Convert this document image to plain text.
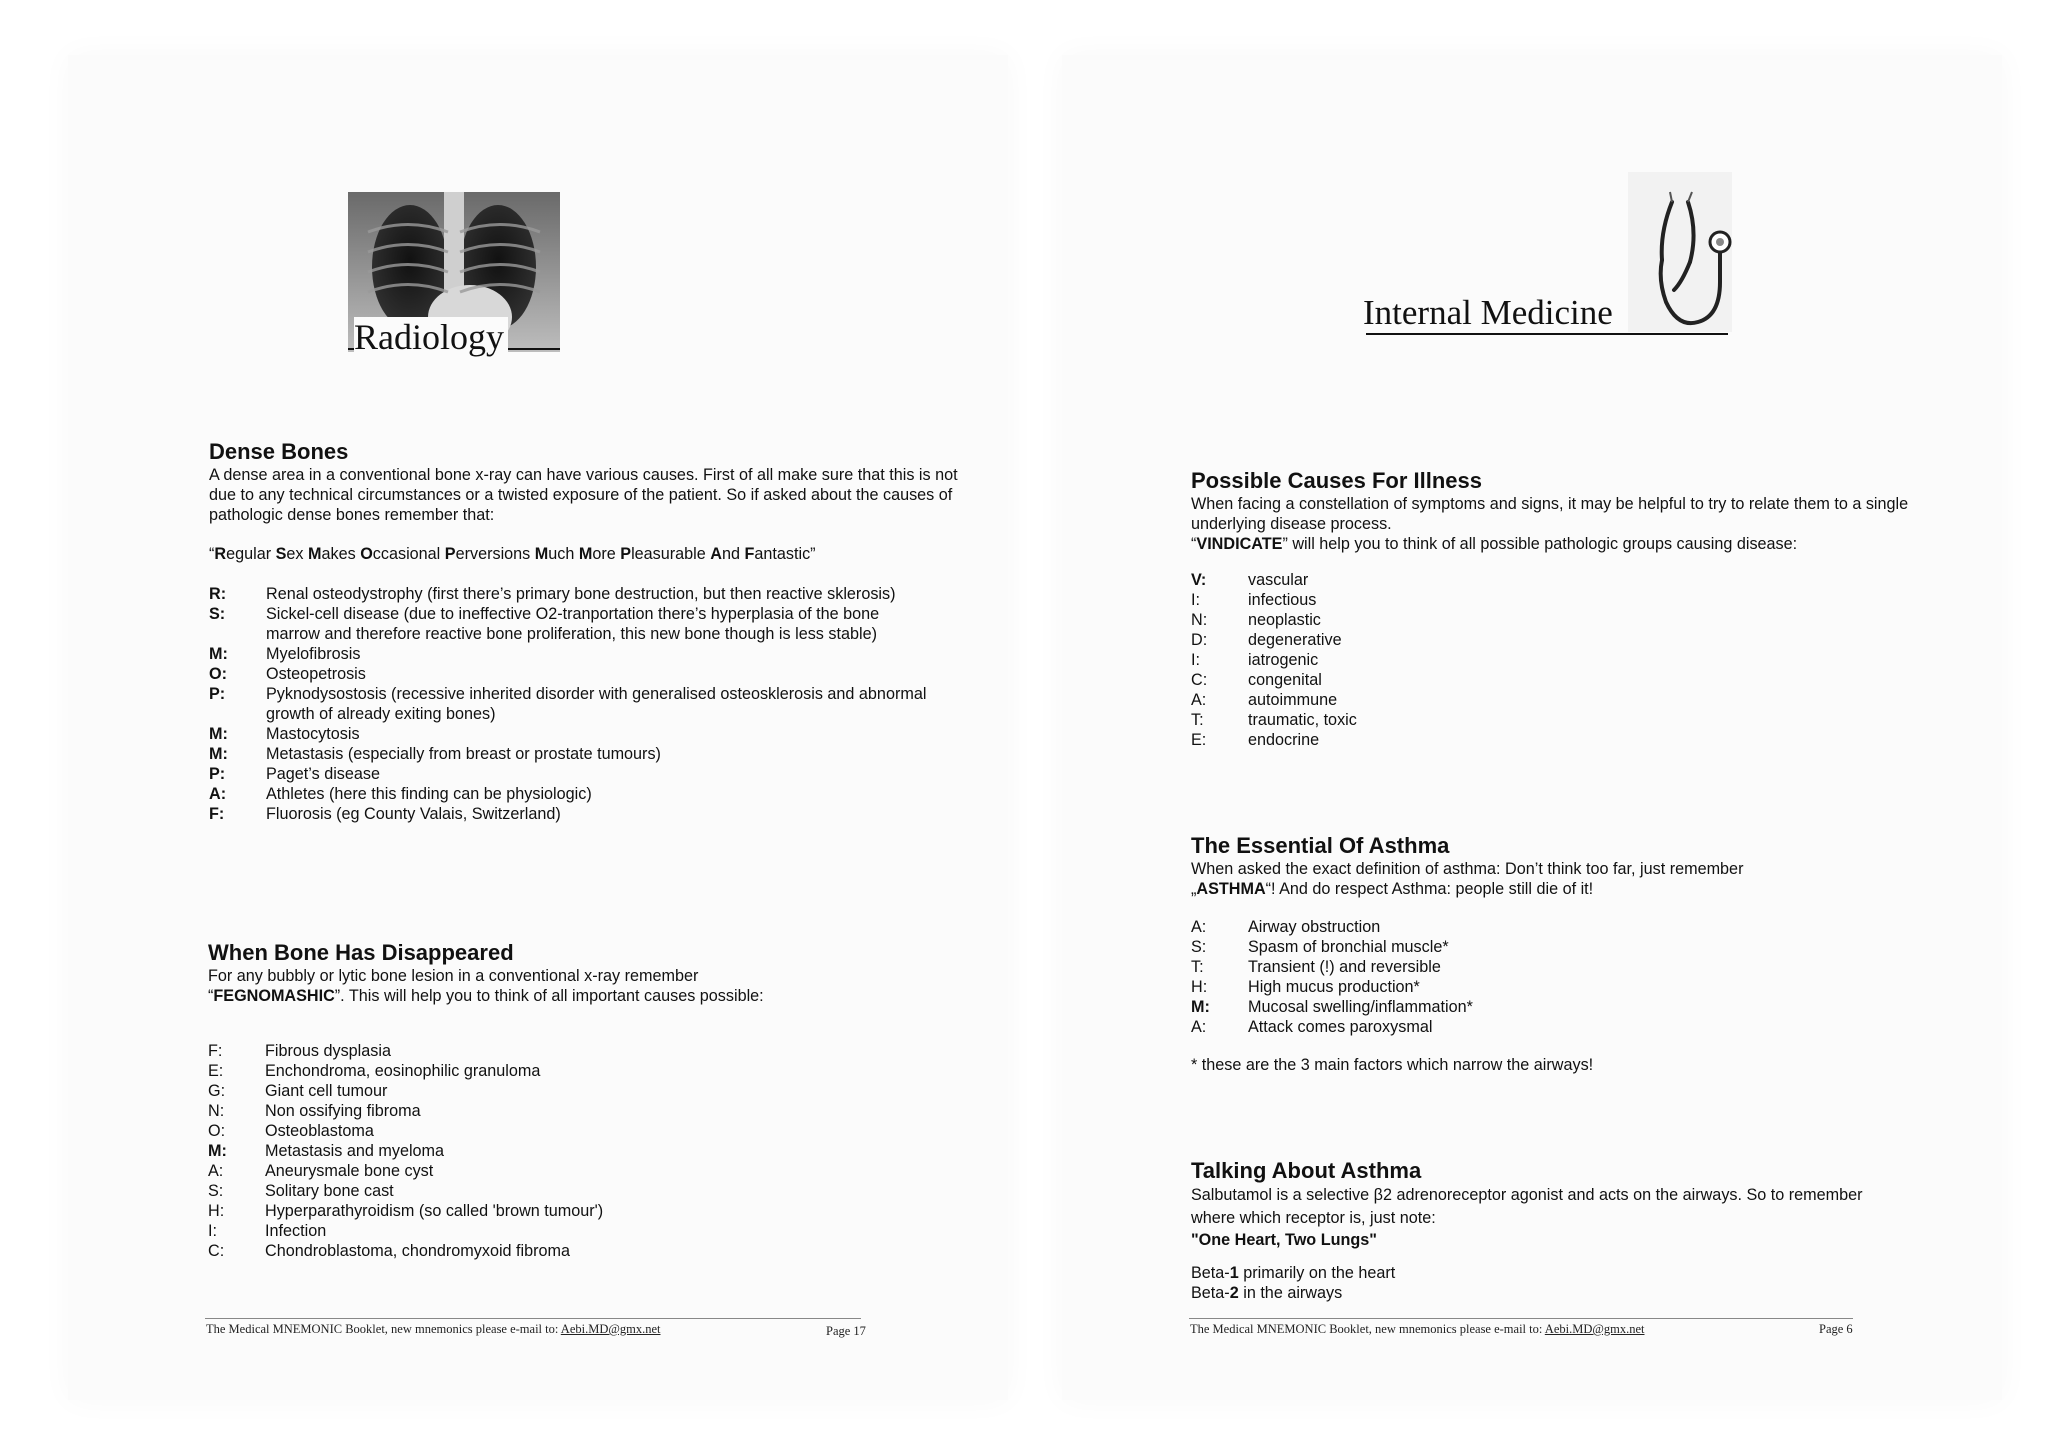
Radiology
Dense Bones
A dense area in a conventional bone x-ray can have various causes. First of all make sure that this is not due to any technical circumstances or a twisted exposure of the patient. So if asked about the causes of pathologic dense bones remember that:
“Regular Sex Makes Occasional Perversions Much More Pleasurable And Fantastic”
R:	Renal osteodystrophy (first there’s primary bone destruction, but then reactive sklerosis)
S:	Sickel-cell disease (due to ineffective O2-tranportation there’s hyperplasia of the bone marrow and therefore reactive bone proliferation, this new bone though is less stable)
M:	Myelofibrosis
O:	Osteopetrosis
P:	Pyknodysostosis (recessive inherited disorder with generalised osteosklerosis and abnormal growth of already exiting bones)
M:	Mastocytosis
M:	Metastasis (especially from breast or prostate tumours)
P:	Paget’s disease
A:	Athletes (here this finding can be physiologic)
F:	Fluorosis (eg County Valais, Switzerland)
When Bone Has Disappeared
For any bubbly or lytic bone lesion in a conventional x-ray remember
“FEGNOMASHIC”. This will help you to think of all important causes possible:
F:	Fibrous dysplasia
E:	Enchondroma, eosinophilic granuloma
G:	Giant cell tumour
N:	Non ossifying fibroma
O:	Osteoblastoma
M:	Metastasis and myeloma
A:	Aneurysmale bone cyst
S:	Solitary bone cast
H:	Hyperparathyroidism (so called 'brown tumour')
I:	Infection
C:	Chondroblastoma, chondromyxoid fibroma
The Medical MNEMONIC Booklet, new mnemonics please e-mail to: Aebi.MD@gmx.net	Page 17
Internal Medicine
Possible Causes For Illness
When facing a constellation of symptoms and signs, it may be helpful to try to relate them to a single underlying disease process.
“VINDICATE” will help you to think of all possible pathologic groups causing disease:
V:	vascular
I:	infectious
N:	neoplastic
D:	degenerative
I:	iatrogenic
C:	congenital
A:	autoimmune
T:	traumatic, toxic
E:	endocrine
The Essential Of Asthma
When asked the exact definition of asthma: Don’t think too far, just remember
„ASTHMA“! And do respect Asthma: people still die of it!
A:	Airway obstruction
S:	Spasm of bronchial muscle*
T:	Transient (!) and reversible
H:	High mucus production*
M:	Mucosal swelling/inflammation*
A:	Attack comes paroxysmal
* these are the 3 main factors which narrow the airways!
Talking About Asthma
Salbutamol is a selective β2 adrenoreceptor agonist and acts on the airways. So to remember where which receptor is, just note:
"One Heart, Two Lungs"
Beta-1 primarily on the heart
Beta-2 in the airways
The Medical MNEMONIC Booklet, new mnemonics please e-mail to: Aebi.MD@gmx.net	Page 6
